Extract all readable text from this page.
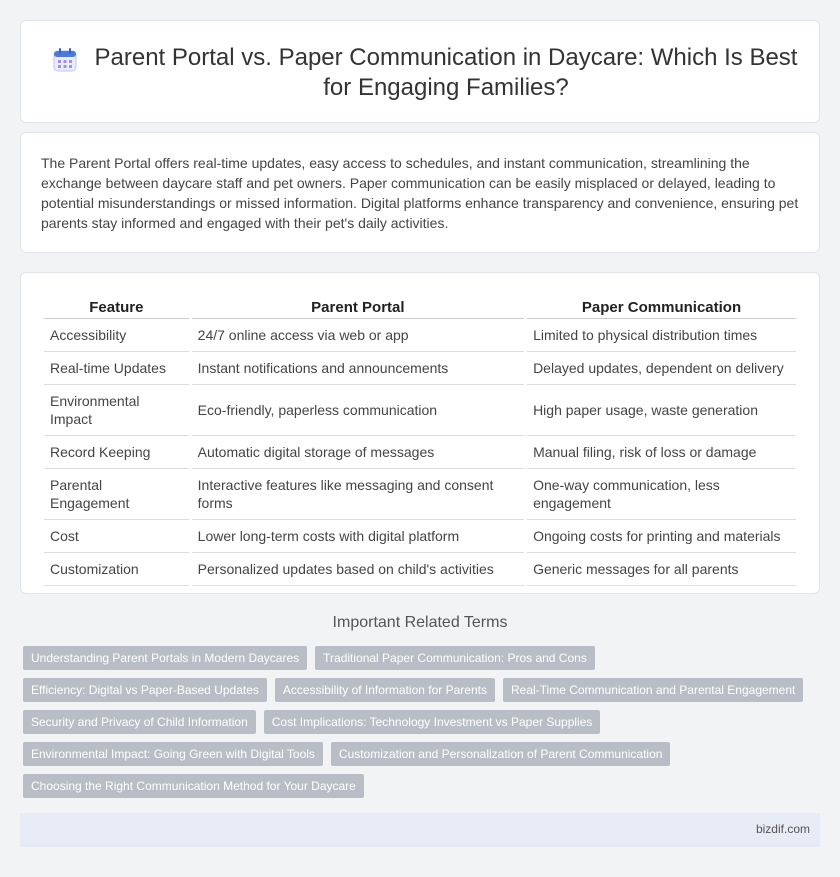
Parent Portal vs. Paper Communication in Daycare: Which Is Best for Engaging Families?

The Parent Portal offers real-time updates, easy access to schedules, and instant communication, streamlining the exchange between daycare staff and pet owners. Paper communication can be easily misplaced or delayed, leading to potential misunderstandings or missed information. Digital platforms enhance transparency and convenience, ensuring pet parents stay informed and engaged with their pet's daily activities.

Feature	Parent Portal	Paper Communication
Accessibility	24/7 online access via web or app	Limited to physical distribution times
Real-time Updates	Instant notifications and announcements	Delayed updates, dependent on delivery
Environmental Impact	Eco-friendly, paperless communication	High paper usage, waste generation
Record Keeping	Automatic digital storage of messages	Manual filing, risk of loss or damage
Parental Engagement	Interactive features like messaging and consent forms	One-way communication, less engagement
Cost	Lower long-term costs with digital platform	Ongoing costs for printing and materials
Customization	Personalized updates based on child's activities	Generic messages for all parents
Important Related Terms
Understanding Parent Portals in Modern Daycares	Traditional Paper Communication: Pros and Cons
Efficiency: Digital vs Paper-Based Updates	Accessibility of Information for Parents	Real-Time Communication and Parental Engagement
Security and Privacy of Child Information	Cost Implications: Technology Investment vs Paper Supplies
Environmental Impact: Going Green with Digital Tools	Customization and Personalization of Parent Communication
Choosing the Right Communication Method for Your Daycare
bizdif.com
